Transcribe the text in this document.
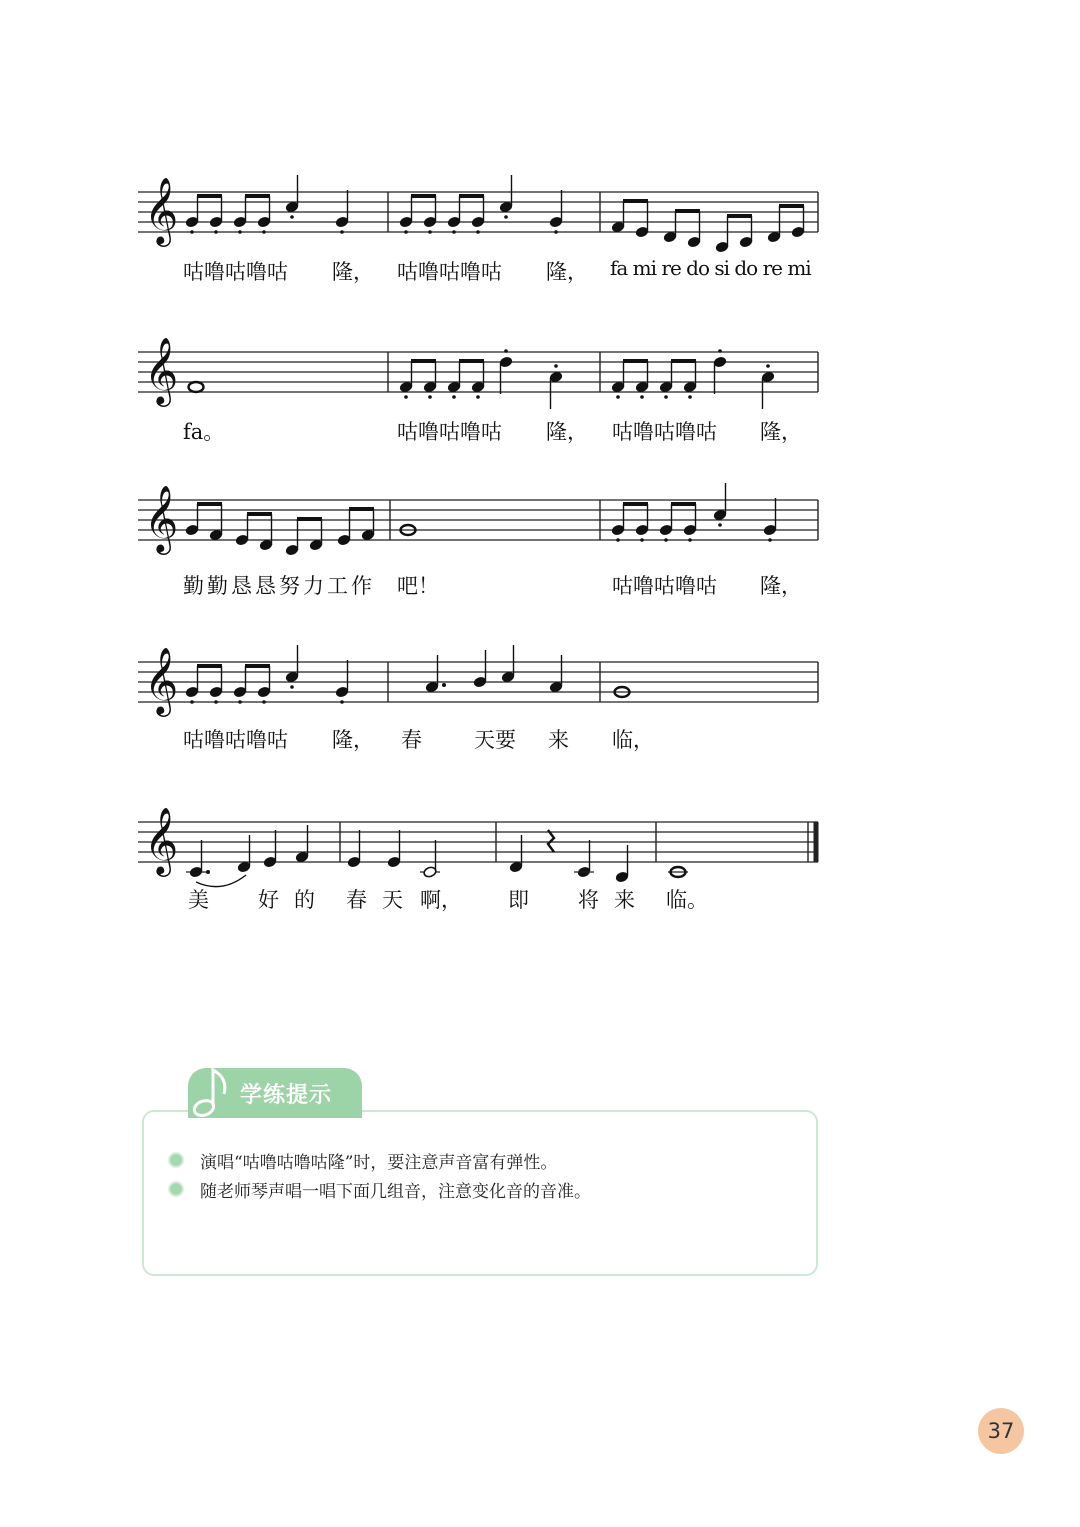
𝄞
𝄞
𝄞
𝄞
𝄞
咕噜咕噜咕 隆， 咕噜咕噜咕 隆， fa mi re do si do re mi
fa。	咕噜咕噜咕 隆， 咕噜咕噜咕 隆，
勤勤恳恳努力工作 吧！	咕噜咕噜咕 隆，
咕噜咕噜咕 隆， 春 天要 来 临，
美 好 的 春 天 啊， 即 将 来 临。
学练提示
演唱“咕噜咕噜咕隆”时，要注意声音富有弹性。
随老师琴声唱一唱下面几组音，注意变化音的音准。
37
